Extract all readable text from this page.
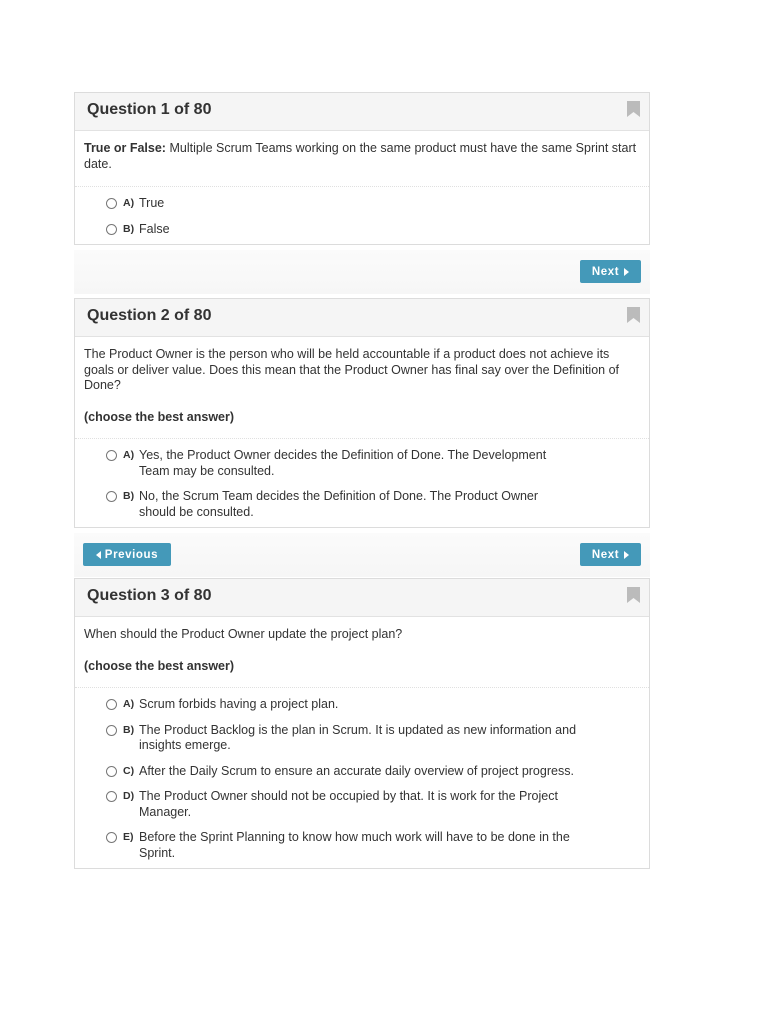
Question 1 of 80

True or False: Multiple Scrum Teams working on the same product must have the same Sprint start date.

A) True
B) False
Next
Question 2 of 80

The Product Owner is the person who will be held accountable if a product does not achieve its goals or deliver value. Does this mean that the Product Owner has final say over the Definition of Done?

(choose the best answer)

A) Yes, the Product Owner decides the Definition of Done. The Development Team may be consulted.
B) No, the Scrum Team decides the Definition of Done. The Product Owner should be consulted.
Previous	Next
Question 3 of 80

When should the Product Owner update the project plan?

(choose the best answer)

A) Scrum forbids having a project plan.
B) The Product Backlog is the plan in Scrum. It is updated as new information and insights emerge.
C) After the Daily Scrum to ensure an accurate daily overview of project progress.
D) The Product Owner should not be occupied by that. It is work for the Project Manager.
E) Before the Sprint Planning to know how much work will have to be done in the Sprint.
